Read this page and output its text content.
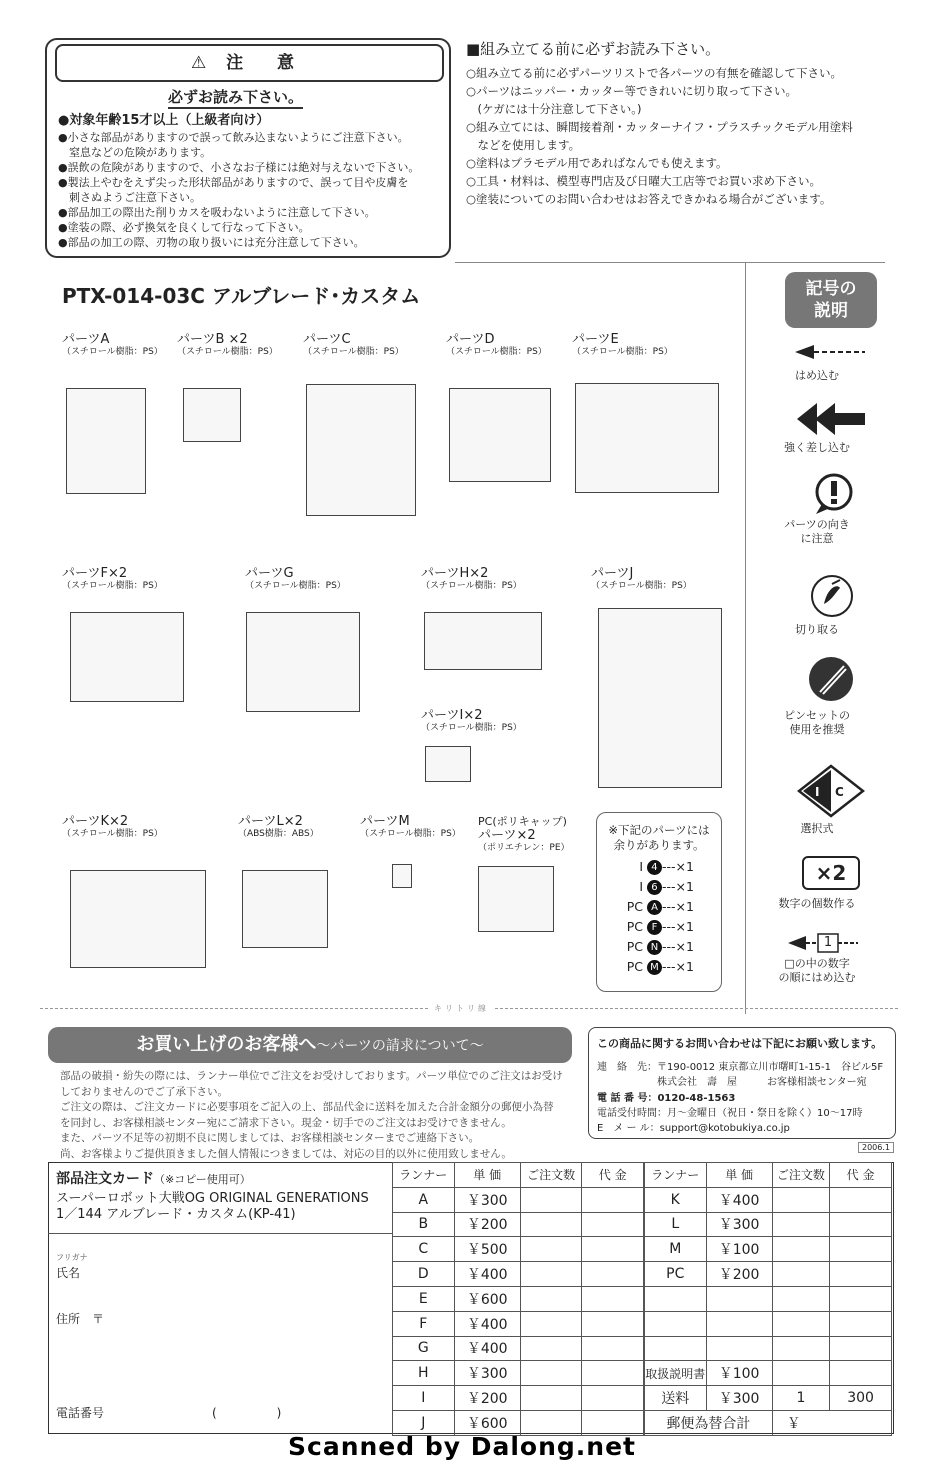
⚠ 注 意
必ずお読み下さい。
●対象年齢15才以上（上級者向け）
●小さな部品がありますので誤って飲み込まないようにご注意下さい。
　窒息などの危険があります。
●誤飲の危険がありますので、小さなお子様には絶対与えないで下さい。
●製法上やむをえず尖った形状部品がありますので、誤って目や皮膚を
　刺さぬようご注意下さい。
●部品加工の際出た削りカスを吸わないように注意して下さい。
●塗装の際、必ず換気を良くして行なって下さい。
●部品の加工の際、刃物の取り扱いには充分注意して下さい。
■組み立てる前に必ずお読み下さい。
○組み立てる前に必ずパーツリストで各パーツの有無を確認して下さい。
○パーツはニッパー・カッター等できれいに切り取って下さい。
　(ケガには十分注意して下さい。)
○組み立てには、瞬間接着剤・カッターナイフ・プラスチックモデル用塗料
　などを使用します。
○塗料はプラモデル用であればなんでも使えます。
○工具・材料は、模型専門店及び日曜大工店等でお買い求め下さい。
○塗装についてのお問い合わせはお答えできかねる場合がございます。
PTX-014-03C アルブレード･カスタム
パーツA
（スチロール樹脂：PS）
パーツB ×2
（スチロール樹脂：PS）
パーツC
（スチロール樹脂：PS）
パーツD
（スチロール樹脂：PS）
パーツE
（スチロール樹脂：PS）
パーツF×2
（スチロール樹脂：PS）
パーツG
（スチロール樹脂：PS）
パーツH×2
（スチロール樹脂：PS）
パーツJ
（スチロール樹脂：PS）
パーツI×2
（スチロール樹脂：PS）
パーツK×2
（スチロール樹脂：PS）
パーツL×2
（ABS樹脂：ABS）
パーツM
（スチロール樹脂：PS）
PC(ポリキャップ)
パーツ×2
（ポリエチレン：PE）
記号の
説明
はめ込む
強く差し込む
パーツの向き
に注意
切り取る
ピンセットの
使用を推奨
I C
選択式
×2
数字の個数作る
1
□の中の数字
の順にはめ込む
※下記のパーツには
余りがあります。
I 4 ---×1
I 6 ---×1
PC A ---×1
PC F ---×1
PC N ---×1
PC M ---×1
キリトリ線
お買い上げのお客様へ～パーツの請求について～
部品の破損・紛失の際には、ランナー単位でご注文をお受けしております。パーツ単位でのご注文はお受け
しておりませんのでご了承下さい。
ご注文の際は、ご注文カードに必要事項をご記入の上、部品代金に送料を加えた合計金額分の郵便小為替
を同封し、お客様相談センター宛にご請求下さい。現金・切手でのご注文はお受けできません。
また、パーツ不足等の初期不良に関しましては、お客様相談センターまでご連絡下さい。
尚、お客様よりご提供頂きました個人情報につきましては、対応の目的以外に使用致しません。
この商品に関するお問い合わせは下記にお願い致します。
連　絡　先：〒190-0012 東京都立川市曙町1-15-1　谷ビル5F
　　　　　　株式会社　壽　屋　　　お客様相談センター宛
電 話 番 号：0120-48-1563
電話受付時間：月～金曜日（祝日・祭日を除く）10～17時
E　メ ー ル：support@kotobukiya.co.jp
2006.1
部品注文カード（※コピー使用可）
スーパーロボット大戦OG ORIGINAL GENERATIONS
1／144 アルブレード・カスタム(KP-41)
フリガナ
氏名
住所　〒
電話番号	(　　　　　)
ランナー	単 価	ご注文数	代 金
A	￥300		
B	￥200		
C	￥500		
D	￥400		
E	￥600		
F	￥400		
G	￥400		
H	￥300		
I	￥200		
J	￥600		
ランナー	単 価	ご注文数	代 金
K	￥400		
L	￥300		
M	￥100		
PC	￥200		

取扱説明書	￥100		
送料	￥300	1	300
郵便為替合計		￥	
Scanned by Dalong.net
